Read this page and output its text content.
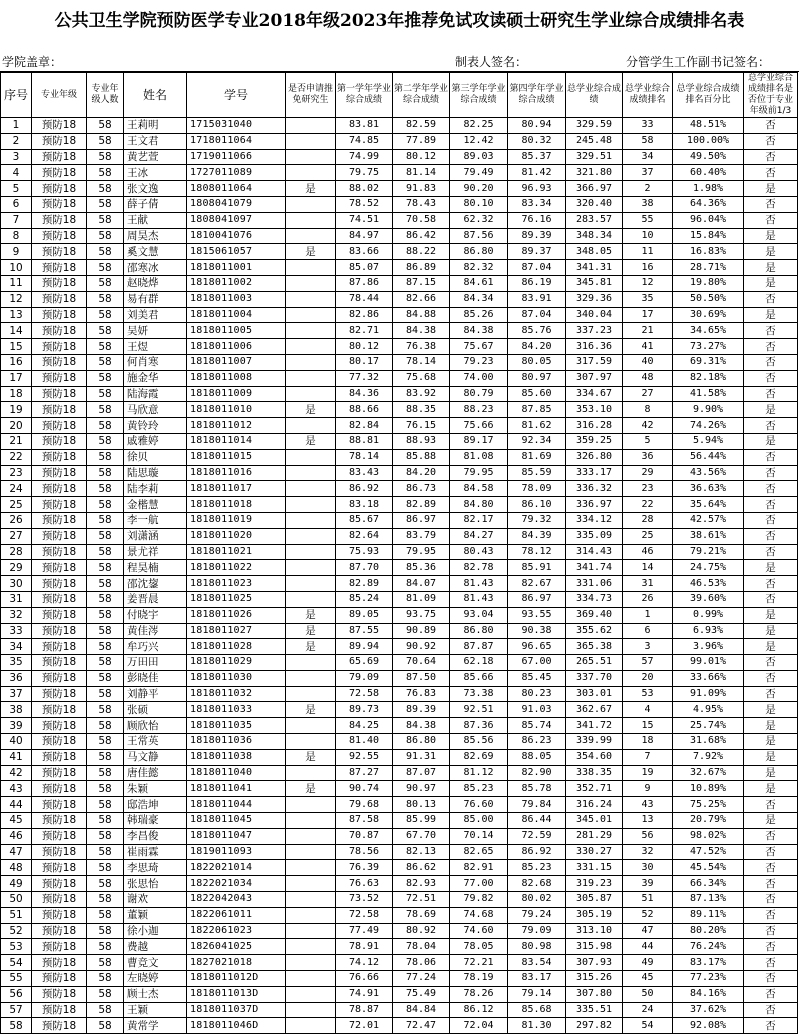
公共卫生学院预防医学专业2018年级2023年推荐免试攻读硕士研究生学业综合成绩排名表
学院盖章：	制表人签名：	分管学生工作副书记签名：
序号	专业年级	专业年级人数	姓名	学号	是否申请推免研究生	第一学年学业综合成绩	第二学年学业综合成绩	第三学年学业综合成绩	第四学年学业综合成绩	总学业综合成绩	总学业综合成绩排名	总学业综合成绩排名百分比	总学业综合成绩排名是否位于专业年级前1/3
1	预防18	58	王莉明	1715031040		83.81	82.59	82.25	80.94	329.59	33	48.51%	否
2	预防18	58	王文君	1718011064		74.85	77.89	12.42	80.32	245.48	58	100.00%	否
3	预防18	58	黄艺萱	1719011066		74.99	80.12	89.03	85.37	329.51	34	49.50%	否
4	预防18	58	王冰	1727011089		79.75	81.14	79.49	81.42	321.80	37	60.40%	否
5	预防18	58	张文逸	1808011064	是	88.02	91.83	90.20	96.93	366.97	2	1.98%	是
6	预防18	58	薛子倩	1808041079		78.52	78.43	80.10	83.34	320.40	38	64.36%	否
7	预防18	58	王献	1808041097		74.51	70.58	62.32	76.16	283.57	55	96.04%	否
8	预防18	58	周昊杰	1810041076		84.97	86.42	87.56	89.39	348.34	10	15.84%	是
9	预防18	58	奚文慧	1815061057	是	83.66	88.22	86.80	89.37	348.05	11	16.83%	是
10	预防18	58	邵寒冰	1818011001		85.07	86.89	82.32	87.04	341.31	16	28.71%	是
11	预防18	58	赵晓烨	1818011002		87.86	87.15	84.61	86.19	345.81	12	19.80%	是
12	预防18	58	易有群	1818011003		78.44	82.66	84.34	83.91	329.36	35	50.50%	否
13	预防18	58	刘美君	1818011004		82.86	84.88	85.26	87.04	340.04	17	30.69%	是
14	预防18	58	吴妍	1818011005		82.71	84.38	84.38	85.76	337.23	21	34.65%	否
15	预防18	58	王煜	1818011006		80.12	76.38	75.67	84.20	316.36	41	73.27%	否
16	预防18	58	何肖寒	1818011007		80.17	78.14	79.23	80.05	317.59	40	69.31%	否
17	预防18	58	施金华	1818011008		77.32	75.68	74.00	80.97	307.97	48	82.18%	否
18	预防18	58	陆海霞	1818011009		84.36	83.92	80.79	85.60	334.67	27	41.58%	否
19	预防18	58	马欣意	1818011010	是	88.66	88.35	88.23	87.85	353.10	8	9.90%	是
20	预防18	58	黄铃玲	1818011012		82.84	76.15	75.66	81.62	316.28	42	74.26%	否
21	预防18	58	戚雅婷	1818011014	是	88.81	88.93	89.17	92.34	359.25	5	5.94%	是
22	预防18	58	徐贝	1818011015		78.14	85.88	81.08	81.69	326.80	36	56.44%	否
23	预防18	58	陆思璇	1818011016		83.43	84.20	79.95	85.59	333.17	29	43.56%	否
24	预防18	58	陆李莉	1818011017		86.92	86.73	84.58	78.09	336.32	23	36.63%	否
25	预防18	58	金楷慧	1818011018		83.18	82.89	84.80	86.10	336.97	22	35.64%	否
26	预防18	58	李一航	1818011019		85.67	86.97	82.17	79.32	334.12	28	42.57%	否
27	预防18	58	刘潇涵	1818011020		82.64	83.79	84.27	84.39	335.09	25	38.61%	否
28	预防18	58	景尤祥	1818011021		75.93	79.95	80.43	78.12	314.43	46	79.21%	否
29	预防18	58	程昊楠	1818011022		87.70	85.36	82.78	85.91	341.74	14	24.75%	是
30	预防18	58	邵沈鋆	1818011023		82.89	84.07	81.43	82.67	331.06	31	46.53%	否
31	预防18	58	姜晋晨	1818011025		85.24	81.09	81.43	86.97	334.73	26	39.60%	否
32	预防18	58	付晓宇	1818011026	是	89.05	93.75	93.04	93.55	369.40	1	0.99%	是
33	预防18	58	黄佳涔	1818011027	是	87.55	90.89	86.80	90.38	355.62	6	6.93%	是
34	预防18	58	牟巧兴	1818011028	是	89.94	90.92	87.87	96.65	365.38	3	3.96%	是
35	预防18	58	万田田	1818011029		65.69	70.64	62.18	67.00	265.51	57	99.01%	否
36	预防18	58	彭晓佳	1818011030		79.09	87.50	85.66	85.45	337.70	20	33.66%	否
37	预防18	58	刘静平	1818011032		72.58	76.83	73.38	80.23	303.01	53	91.09%	否
38	预防18	58	张硕	1818011033	是	89.73	89.39	92.51	91.03	362.67	4	4.95%	是
39	预防18	58	顾欣怡	1818011035		84.25	84.38	87.36	85.74	341.72	15	25.74%	是
40	预防18	58	王常英	1818011036		81.40	86.80	85.56	86.23	339.99	18	31.68%	是
41	预防18	58	马文静	1818011038	是	92.55	91.31	82.69	88.05	354.60	7	7.92%	是
42	预防18	58	唐佳懿	1818011040		87.27	87.07	81.12	82.90	338.35	19	32.67%	是
43	预防18	58	朱颖	1818011041	是	90.74	90.97	85.23	85.78	352.71	9	10.89%	是
44	预防18	58	邸浩坤	1818011044		79.68	80.13	76.60	79.84	316.24	43	75.25%	否
45	预防18	58	韩瑞豪	1818011045		87.58	85.99	85.00	86.44	345.01	13	20.79%	是
46	预防18	58	李昌俊	1818011047		70.87	67.70	70.14	72.59	281.29	56	98.02%	否
47	预防18	58	崔雨霖	1819011093		78.56	82.13	82.65	86.92	330.27	32	47.52%	否
48	预防18	58	李思琦	1822021014		76.39	86.62	82.91	85.23	331.15	30	45.54%	否
49	预防18	58	张思怡	1822021034		76.63	82.93	77.00	82.68	319.23	39	66.34%	否
50	预防18	58	谢欢	1822042043		73.52	72.51	79.82	80.02	305.87	51	87.13%	否
51	预防18	58	董颖	1822061011		72.58	78.69	74.68	79.24	305.19	52	89.11%	否
52	预防18	58	徐小迦	1822061023		77.49	80.92	74.60	79.09	313.10	47	80.20%	否
53	预防18	58	费越	1826041025		78.91	78.04	78.05	80.98	315.98	44	76.24%	否
54	预防18	58	曹竞文	1827021018		74.12	78.06	72.21	83.54	307.93	49	83.17%	否
55	预防18	58	左晓婷	1818011012D		76.66	77.24	78.19	83.17	315.26	45	77.23%	否
56	预防18	58	顾士杰	1818011013D		74.91	75.49	78.26	79.14	307.80	50	84.16%	否
57	预防18	58	王颖	1818011037D		78.87	84.84	86.12	85.68	335.51	24	37.62%	否
58	预防18	58	黄常学	1818011046D		72.01	72.47	72.04	81.30	297.82	54	92.08%	否
